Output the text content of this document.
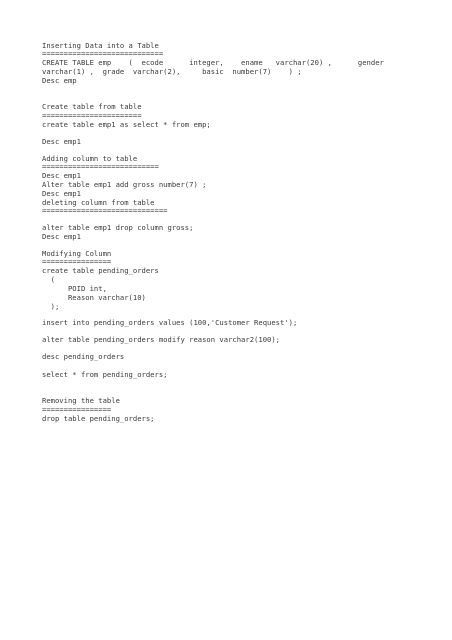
Inserting Data into a Table
============================
CREATE TABLE emp    (  ecode      integer,    ename   varchar(20) ,      gender
varchar(1) ,  grade  varchar(2),     basic  number(7)    ) ;
Desc emp
Create table from table
=======================
create table emp1 as select * from emp;
Desc emp1
Adding column to table
===========================
Desc emp1
Alter table emp1 add gross number(7) ;
Desc emp1
deleting column from table
=============================
alter table emp1 drop column gross;
Desc emp1
Modifying Column
================
create table pending_orders
(
POID int,
Reason varchar(10)
);
insert into pending_orders values (100,'Customer Request');
alter table pending_orders modify reason varchar2(100);
desc pending_orders
select * from pending_orders;
Removing the table
================
drop table pending_orders;
